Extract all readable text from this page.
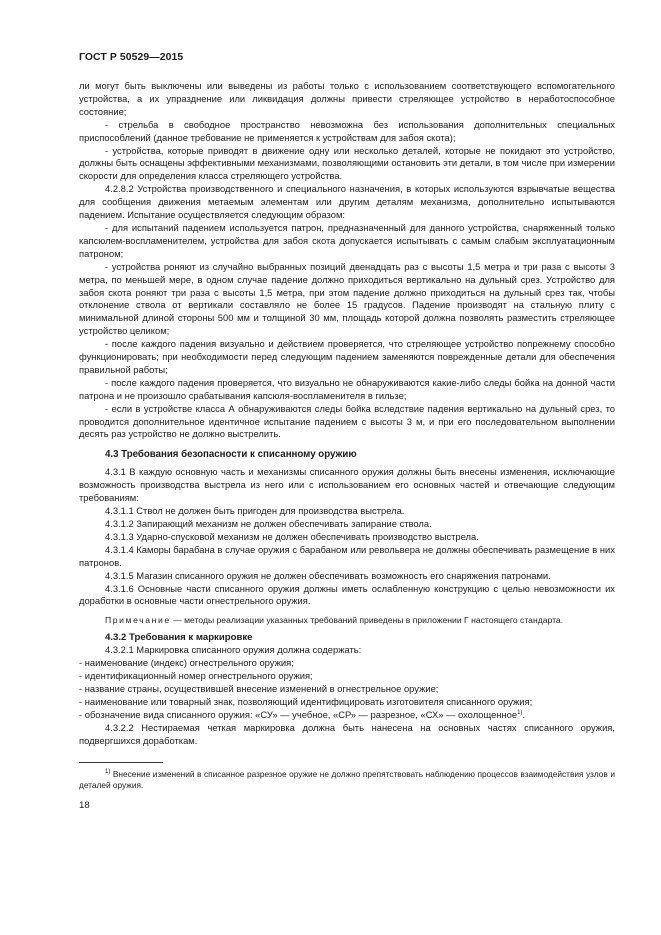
ГОСТ Р 50529—2015

ли могут быть выключены или выведены из работы только с использованием соответствующего вспомогательного устройства, а их упразднение или ликвидация должны привести стреляющее устройство в неработоспособное состояние;

- стрельба в свободное пространство невозможна без использования дополнительных специальных приспособлений (данное требование не применяется к устройствам для забоя скота);

- устройства, которые приводят в движение одну или несколько деталей, которые не покидают это устройство, должны быть оснащены эффективными механизмами, позволяющими остановить эти детали, в том числе при измерении скорости для определения класса стреляющего устройства.

4.2.8.2 Устройства производственного и специального назначения, в которых используются взрывчатые вещества для сообщения движения метаемым элементам или другим деталям механизма, дополнительно испытываются падением. Испытание осуществляется следующим образом:

- для испытаний падением используется патрон, предназначенный для данного устройства, снаряженный только капсюлем-воспламенителем, устройства для забоя скота допускается испытывать с самым слабым эксплуатационным патроном;

- устройства роняют из случайно выбранных позиций двенадцать раз с высоты 1,5 метра и три раза с высоты 3 метра, по меньшей мере, в одном случае падение должно приходиться вертикально на дульный срез. Устройство для забоя скота роняют три раза с высоты 1,5 метра, при этом падение должно приходиться на дульный срез так, чтобы отклонение ствола от вертикали составляло не более 15 градусов. Падение производят на стальную плиту с минимальной длиной стороны 500 мм и толщиной 30 мм, площадь которой должна позволять разместить стреляющее устройство целиком;

- после каждого падения визуально и действием проверяется, что стреляющее устройство попрежнему способно функционировать; при необходимости перед следующим падением заменяются поврежденные детали для обеспечения правильной работы;

- после каждого падения проверяется, что визуально не обнаруживаются какие-либо следы бойка на донной части патрона и не произошло срабатывания капсюля-воспламенителя в гильзе;

- если в устройстве класса А обнаруживаются следы бойка вследствие падения вертикально на дульный срез, то проводится дополнительное идентичное испытание падением с высоты 3 м, и при его последовательном выполнении десять раз устройство не должно выстрелить.

4.3 Требования безопасности к списанному оружию

4.3.1 В каждую основную часть и механизмы списанного оружия должны быть внесены изменения, исключающие возможность производства выстрела из него или с использованием его основных частей и отвечающие следующим требованиям:

4.3.1.1 Ствол не должен быть пригоден для производства выстрела.

4.3.1.2 Запирающий механизм не должен обеспечивать запирание ствола.

4.3.1.3 Ударно-спусковой механизм не должен обеспечивать производство выстрела.

4.3.1.4 Каморы барабана в случае оружия с барабаном или револьвера не должны обеспечивать размещение в них патронов.

4.3.1.5 Магазин списанного оружия не должен обеспечивать возможность его снаряжения патронами.

4.3.1.6 Основные части списанного оружия должны иметь ослабленную конструкцию с целью невозможности их доработки в основные части огнестрельного оружия.

Примечание — методы реализации указанных требований приведены в приложении Г настоящего стандарта.

4.3.2 Требования к маркировке

4.3.2.1 Маркировка списанного оружия должна содержать:

- наименование (индекс) огнестрельного оружия;

- идентификационный номер огнестрельного оружия;

- название страны, осуществившей внесение изменений в огнестрельное оружие;

- наименование или товарный знак, позволяющий идентифицировать изготовителя списанного оружия;

- обозначение вида списанного оружия: «СУ» — учебное, «СР» — разрезное, «СХ» — охолощенное$^{1)}$.

4.3.2.2 Нестираемая четкая маркировка должна быть нанесена на основных частях списанного оружия, подвергшихся доработкам.

$^{1)}$ Внесение изменений в списанное разрезное оружие не должно препятствовать наблюдению процессов взаимодействия узлов и деталей оружия.

18
